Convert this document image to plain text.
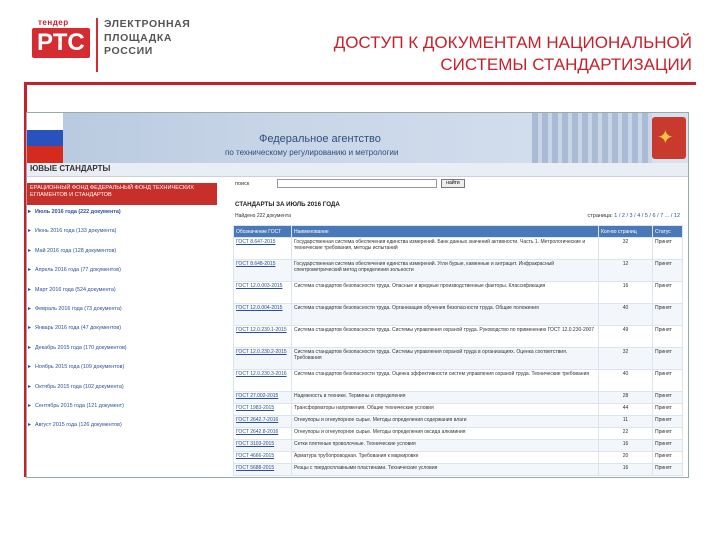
тендер
РТС
ЭЛЕКТРОННАЯ
ПЛОЩАДКА
РОССИИ	ДОСТУП К ДОКУМЕНТАМ НАЦИОНАЛЬНОЙ
СИСТЕМЫ СТАНДАРТИЗАЦИИ
Федеральное агентство
по техническому регулированию и метрологии
✦
ЮВЫЕ СТАНДАРТЫ
ЕРАЦИОННЫЙ ФОНД ФЕДЕРАЛЬНЫЙ ФОНД ТЕХНИЧЕСКИХ
ЕГЛАМЕНТОВ И СТАНДАРТОВ
▸ Июль 2016 года (222 документа)
▸ Июнь 2016 года (133 документа)
▸ Май 2016 года (128 документов)
▸ Апрель 2016 года (77 документов)
▸ Март 2016 года (524 документа)
▸ Февраль 2016 года (73 документа)
▸ Январь 2016 года (47 документов)
▸ Декабрь 2015 года (170 документов)
▸ Ноябрь 2015 года (109 документов)
▸ Октябрь 2015 года (102 документа)
▸ Сентябрь 2015 года (121 документ)
▸ Август 2015 года (126 документов)
поиск	найти
СТАНДАРТЫ ЗА ИЮЛЬ 2016 ГОДА
Найдено 222 документа	страница: 1 / 2 / 3 / 4 / 5 / 6 / 7 ... / 12
Обозначение ГОСТ	Наименование	Кол-во страниц	Статус
ГОСТ 8.647-2015	Государственная система обеспечения единства измерений. Банк данных значений активности. Часть 1. Метрологические и технические требования, методы испытаний	32	Принят
ГОСТ 8.648-2015	Государственная система обеспечения единства измерений. Угли бурые, каменные и антрацит. Инфракрасный спектрометрический метод определения зольности	12	Принят
ГОСТ 12.0.003-2015	Система стандартов безопасности труда. Опасные и вредные производственные факторы. Классификация	16	Принят
ГОСТ 12.0.004-2015	Система стандартов безопасности труда. Организация обучения безопасности труда. Общие положения	40	Принят
ГОСТ 12.0.230.1-2015	Система стандартов безопасности труда. Системы управления охраной труда. Руководство по применению ГОСТ 12.0.230-2007	49	Принят
ГОСТ 12.0.230.2-2015	Система стандартов безопасности труда. Системы управления охраной труда в организациях. Оценка соответствия. Требования	32	Принят
ГОСТ 12.0.230.3-2016	Система стандартов безопасности труда. Оценка эффективности систем управления охраной труда. Технические требования	40	Принят
ГОСТ 27.002-2015	Надежность в технике. Термины и определения	28	Принят
ГОСТ 1983-2015	Трансформаторы напряжения. Общие технические условия	44	Принят
ГОСТ 2642.7-2016	Огнеупоры и огнеупорное сырье. Методы определения содержания влаги	11	Принят
ГОСТ 2642.8-2016	Огнеупоры и огнеупорное сырье. Методы определения оксида алюминия	22	Принят
ГОСТ 3103-2015	Сетки плетеные проволочные. Технические условия	16	Принят
ГОСТ 4666-2015	Арматура трубопроводная. Требования к маркировке	20	Принят
ГОСТ 5688-2015	Резцы с твердосплавными пластинами. Технические условия	16	Принят
